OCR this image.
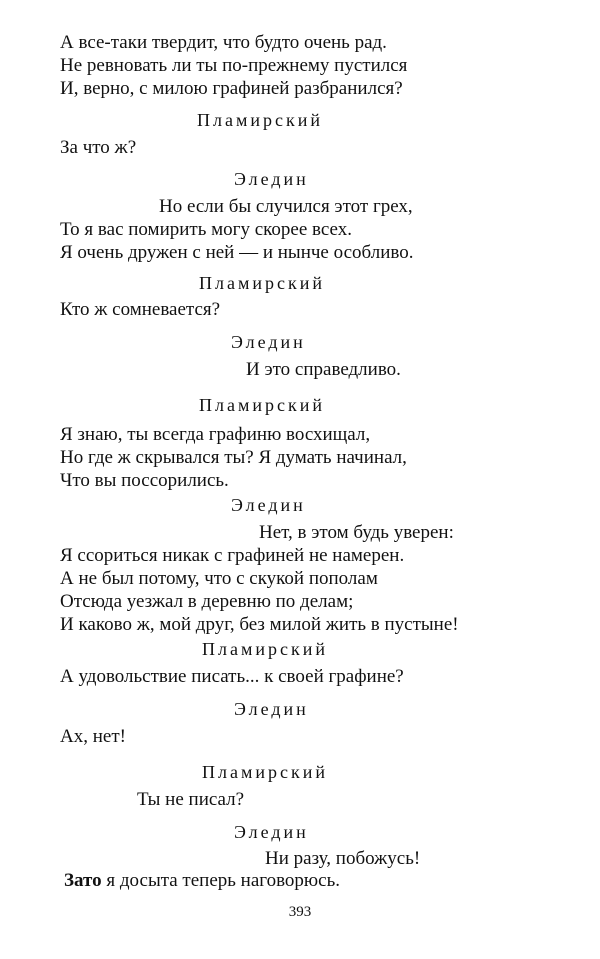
А все-таки твердит, что будто очень рад.
Не ревновать ли ты по-прежнему пустился
И, верно, с милою графиней разбранился?
Пламирский
За что ж?
Эледин
Но если бы случился этот грех,
То я вас помирить могу скорее всех.
Я очень дружен с ней — и нынче особливо.
Пламирский
Кто ж сомневается?
Эледин
И это справедливо.
Пламирский
Я знаю, ты всегда графиню восхищал,
Но где ж скрывался ты? Я думать начинал,
Что вы поссорились.
Эледин
Нет, в этом будь уверен:
Я ссориться никак с графиней не намерен.
А не был потому, что с скукой пополам
Отсюда уезжал в деревню по делам;
И каково ж, мой друг, без милой жить в пустыне!
Пламирский
А удовольствие писать... к своей графине?
Эледин
Ах, нет!
Пламирский
Ты не писал?
Эледин
Ни разу, побожусь!
Зато я досыта теперь наговорюсь.
393
